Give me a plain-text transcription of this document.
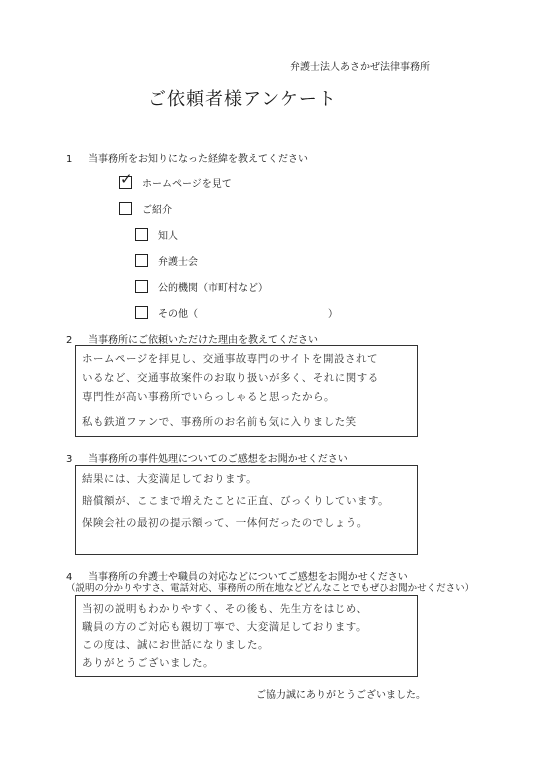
弁護士法人あさかぜ法律事務所
ご依頼者様アンケート
1 当事務所をお知りになった経緯を教えてください
✓ ホームページを見て
ご紹介
知人
弁護士会
公的機関（市町村など）
その他（　　　　　　　　　　　　　）
2 当事務所にご依頼いただけた理由を教えてください
ホームページを拝見し、交通事故専門のサイトを開設されて
いるなど、交通事故案件のお取り扱いが多く、それに関する
専門性が高い事務所でいらっしゃると思ったから。
私も鉄道ファンで、事務所のお名前も気に入りました笑
3 当事務所の事件処理についてのご感想をお聞かせください
結果には、大変満足しております。
賠償額が、ここまで増えたことに正直、びっくりしています。
保険会社の最初の提示額って、一体何だったのでしょう。
4 当事務所の弁護士や職員の対応などについてご感想をお聞かせください
（説明の分かりやすさ、電話対応、事務所の所在地などどんなことでもぜひお聞かせください）
当初の説明もわかりやすく、その後も、先生方をはじめ、
職員の方のご対応も親切丁寧で、大変満足しております。
この度は、誠にお世話になりました。
ありがとうございました。
ご協力誠にありがとうございました。
